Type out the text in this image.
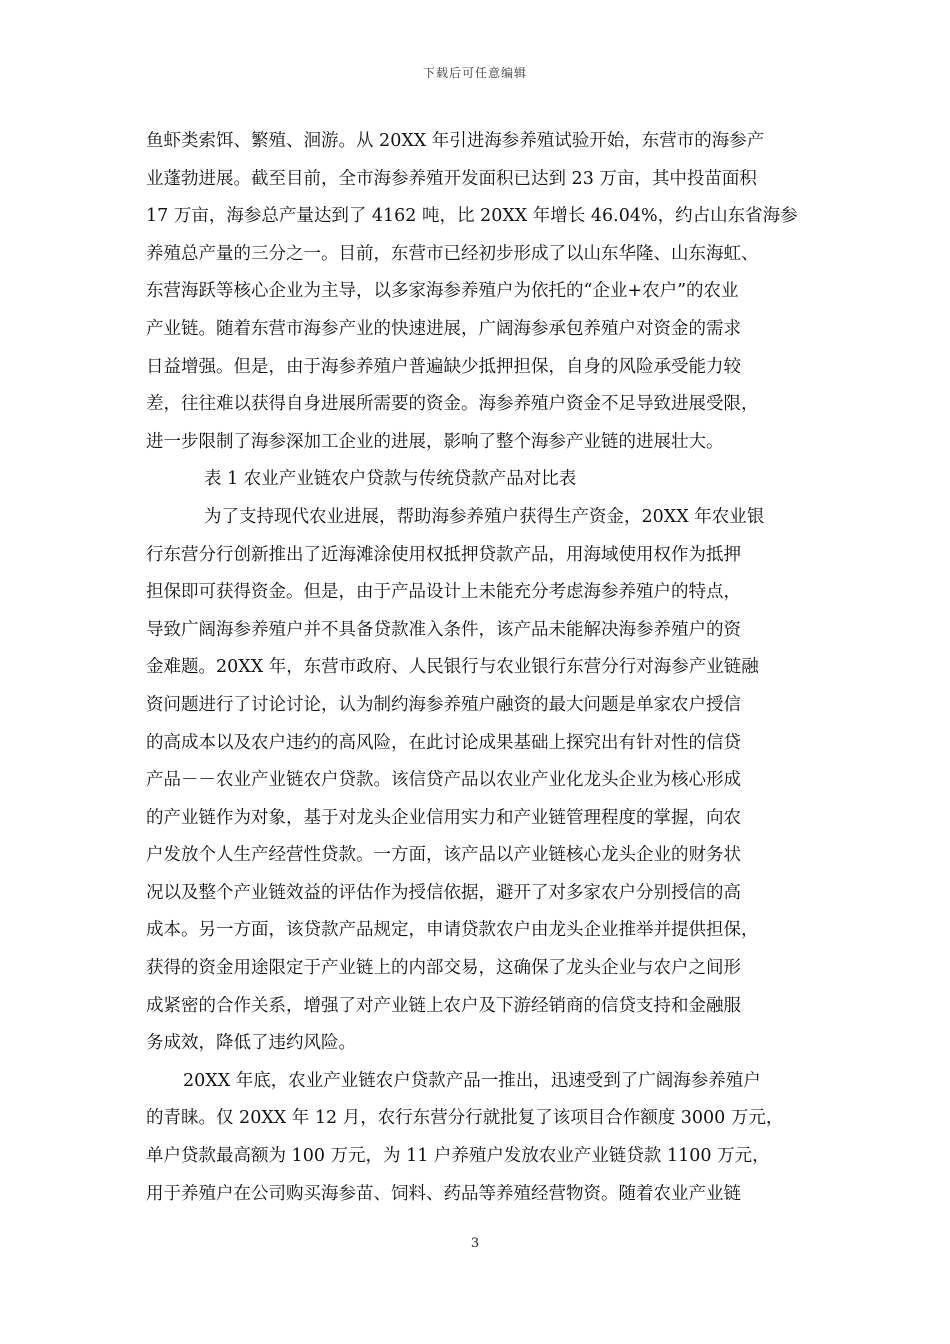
下载后可任意编辑
鱼虾类索饵、繁殖、洄游。从 20XX 年引进海参养殖试验开始，东营市的海参产
业蓬勃进展。截至目前，全市海参养殖开发面积已达到 23 万亩，其中投苗面积
17 万亩，海参总产量达到了 4162 吨，比 20XX 年增长 46.04%，约占山东省海参
养殖总产量的三分之一。目前，东营市已经初步形成了以山东华隆、山东海虹、
东营海跃等核心企业为主导，以多家海参养殖户为依托的“企业+农户”的农业
产业链。随着东营市海参产业的快速进展，广阔海参承包养殖户对资金的需求
日益增强。但是，由于海参养殖户普遍缺少抵押担保，自身的风险承受能力较
差，往往难以获得自身进展所需要的资金。海参养殖户资金不足导致进展受限，
进一步限制了海参深加工企业的进展，影响了整个海参产业链的进展壮大。
表 1 农业产业链农户贷款与传统贷款产品对比表
为了支持现代农业进展，帮助海参养殖户获得生产资金，20XX 年农业银
行东营分行创新推出了近海滩涂使用权抵押贷款产品，用海域使用权作为抵押
担保即可获得资金。但是，由于产品设计上未能充分考虑海参养殖户的特点，
导致广阔海参养殖户并不具备贷款准入条件，该产品未能解决海参养殖户的资
金难题。20XX 年，东营市政府、人民银行与农业银行东营分行对海参产业链融
资问题进行了讨论讨论，认为制约海参养殖户融资的最大问题是单家农户授信
的高成本以及农户违约的高风险，在此讨论成果基础上探究出有针对性的信贷
产品－－农业产业链农户贷款。该信贷产品以农业产业化龙头企业为核心形成
的产业链作为对象，基于对龙头企业信用实力和产业链管理程度的掌握，向农
户发放个人生产经营性贷款。一方面，该产品以产业链核心龙头企业的财务状
况以及整个产业链效益的评估作为授信依据，避开了对多家农户分别授信的高
成本。另一方面，该贷款产品规定，申请贷款农户由龙头企业推举并提供担保，
获得的资金用途限定于产业链上的内部交易，这确保了龙头企业与农户之间形
成紧密的合作关系，增强了对产业链上农户及下游经销商的信贷支持和金融服
务成效，降低了违约风险。
20XX 年底，农业产业链农户贷款产品一推出，迅速受到了广阔海参养殖户
的青睐。仅 20XX 年 12 月，农行东营分行就批复了该项目合作额度 3000 万元，
单户贷款最高额为 100 万元，为 11 户养殖户发放农业产业链贷款 1100 万元，
用于养殖户在公司购买海参苗、饲料、药品等养殖经营物资。随着农业产业链
3
